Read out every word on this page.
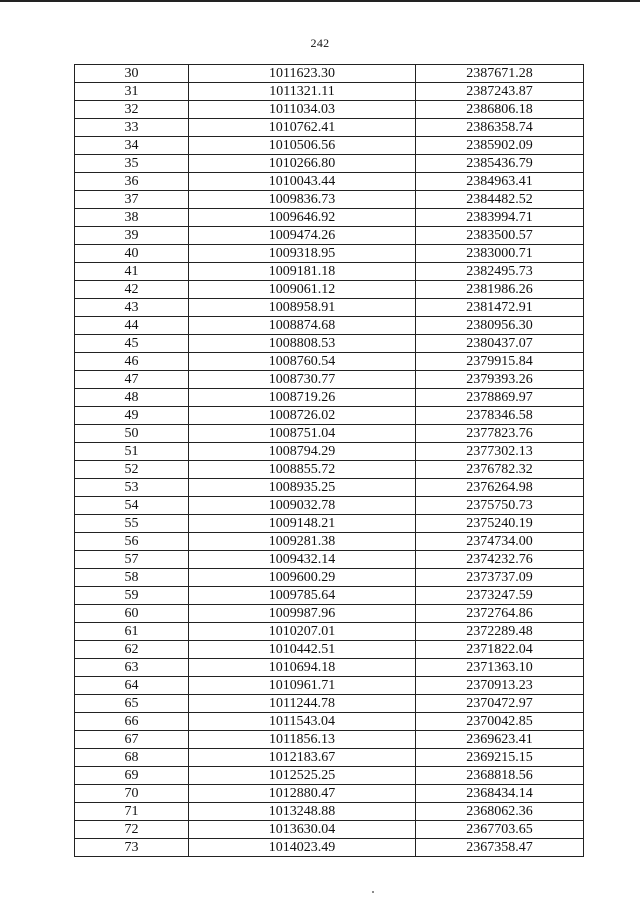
242
30	1011623.30	2387671.28
31	1011321.11	2387243.87
32	1011034.03	2386806.18
33	1010762.41	2386358.74
34	1010506.56	2385902.09
35	1010266.80	2385436.79
36	1010043.44	2384963.41
37	1009836.73	2384482.52
38	1009646.92	2383994.71
39	1009474.26	2383500.57
40	1009318.95	2383000.71
41	1009181.18	2382495.73
42	1009061.12	2381986.26
43	1008958.91	2381472.91
44	1008874.68	2380956.30
45	1008808.53	2380437.07
46	1008760.54	2379915.84
47	1008730.77	2379393.26
48	1008719.26	2378869.97
49	1008726.02	2378346.58
50	1008751.04	2377823.76
51	1008794.29	2377302.13
52	1008855.72	2376782.32
53	1008935.25	2376264.98
54	1009032.78	2375750.73
55	1009148.21	2375240.19
56	1009281.38	2374734.00
57	1009432.14	2374232.76
58	1009600.29	2373737.09
59	1009785.64	2373247.59
60	1009987.96	2372764.86
61	1010207.01	2372289.48
62	1010442.51	2371822.04
63	1010694.18	2371363.10
64	1010961.71	2370913.23
65	1011244.78	2370472.97
66	1011543.04	2370042.85
67	1011856.13	2369623.41
68	1012183.67	2369215.15
69	1012525.25	2368818.56
70	1012880.47	2368434.14
71	1013248.88	2368062.36
72	1013630.04	2367703.65
73	1014023.49	2367358.47
